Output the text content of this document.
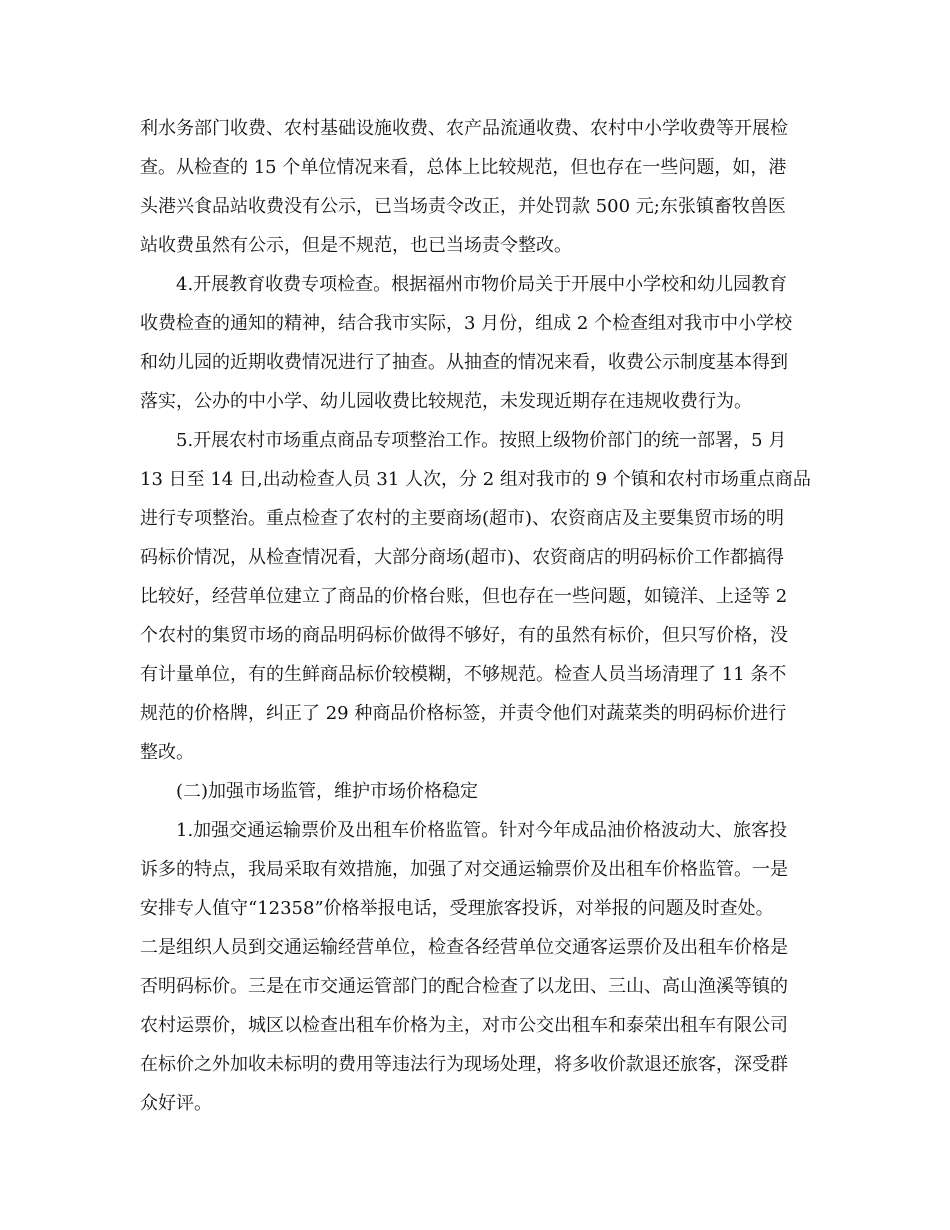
利水务部门收费、农村基础设施收费、农产品流通收费、农村中小学收费等开展检
查。从检查的 15 个单位情况来看，总体上比较规范，但也存在一些问题，如，港
头港兴食品站收费没有公示，已当场责令改正，并处罚款 500 元;东张镇畜牧兽医
站收费虽然有公示，但是不规范，也已当场责令整改。
4.开展教育收费专项检查。根据福州市物价局关于开展中小学校和幼儿园教育
收费检查的通知的精神，结合我市实际，3 月份，组成 2 个检查组对我市中小学校
和幼儿园的近期收费情况进行了抽查。从抽查的情况来看，收费公示制度基本得到
落实，公办的中小学、幼儿园收费比较规范，未发现近期存在违规收费行为。
5.开展农村市场重点商品专项整治工作。按照上级物价部门的统一部署，5 月
13 日至 14 日,出动检查人员 31 人次，分 2 组对我市的 9 个镇和农村市场重点商品
进行专项整治。重点检查了农村的主要商场(超市)、农资商店及主要集贸市场的明
码标价情况，从检查情况看，大部分商场(超市)、农资商店的明码标价工作都搞得
比较好，经营单位建立了商品的价格台账，但也存在一些问题，如镜洋、上迳等 2
个农村的集贸市场的商品明码标价做得不够好，有的虽然有标价，但只写价格，没
有计量单位，有的生鲜商品标价较模糊，不够规范。检查人员当场清理了 11 条不
规范的价格牌，纠正了 29 种商品价格标签，并责令他们对蔬菜类的明码标价进行
整改。
(二)加强市场监管，维护市场价格稳定
1.加强交通运输票价及出租车价格监管。针对今年成品油价格波动大、旅客投
诉多的特点，我局采取有效措施，加强了对交通运输票价及出租车价格监管。一是
安排专人值守“12358”价格举报电话，受理旅客投诉，对举报的问题及时查处。
二是组织人员到交通运输经营单位，检查各经营单位交通客运票价及出租车价格是
否明码标价。三是在市交通运管部门的配合检查了以龙田、三山、高山渔溪等镇的
农村运票价，城区以检查出租车价格为主，对市公交出租车和泰荣出租车有限公司
在标价之外加收未标明的费用等违法行为现场处理，将多收价款退还旅客，深受群
众好评。
